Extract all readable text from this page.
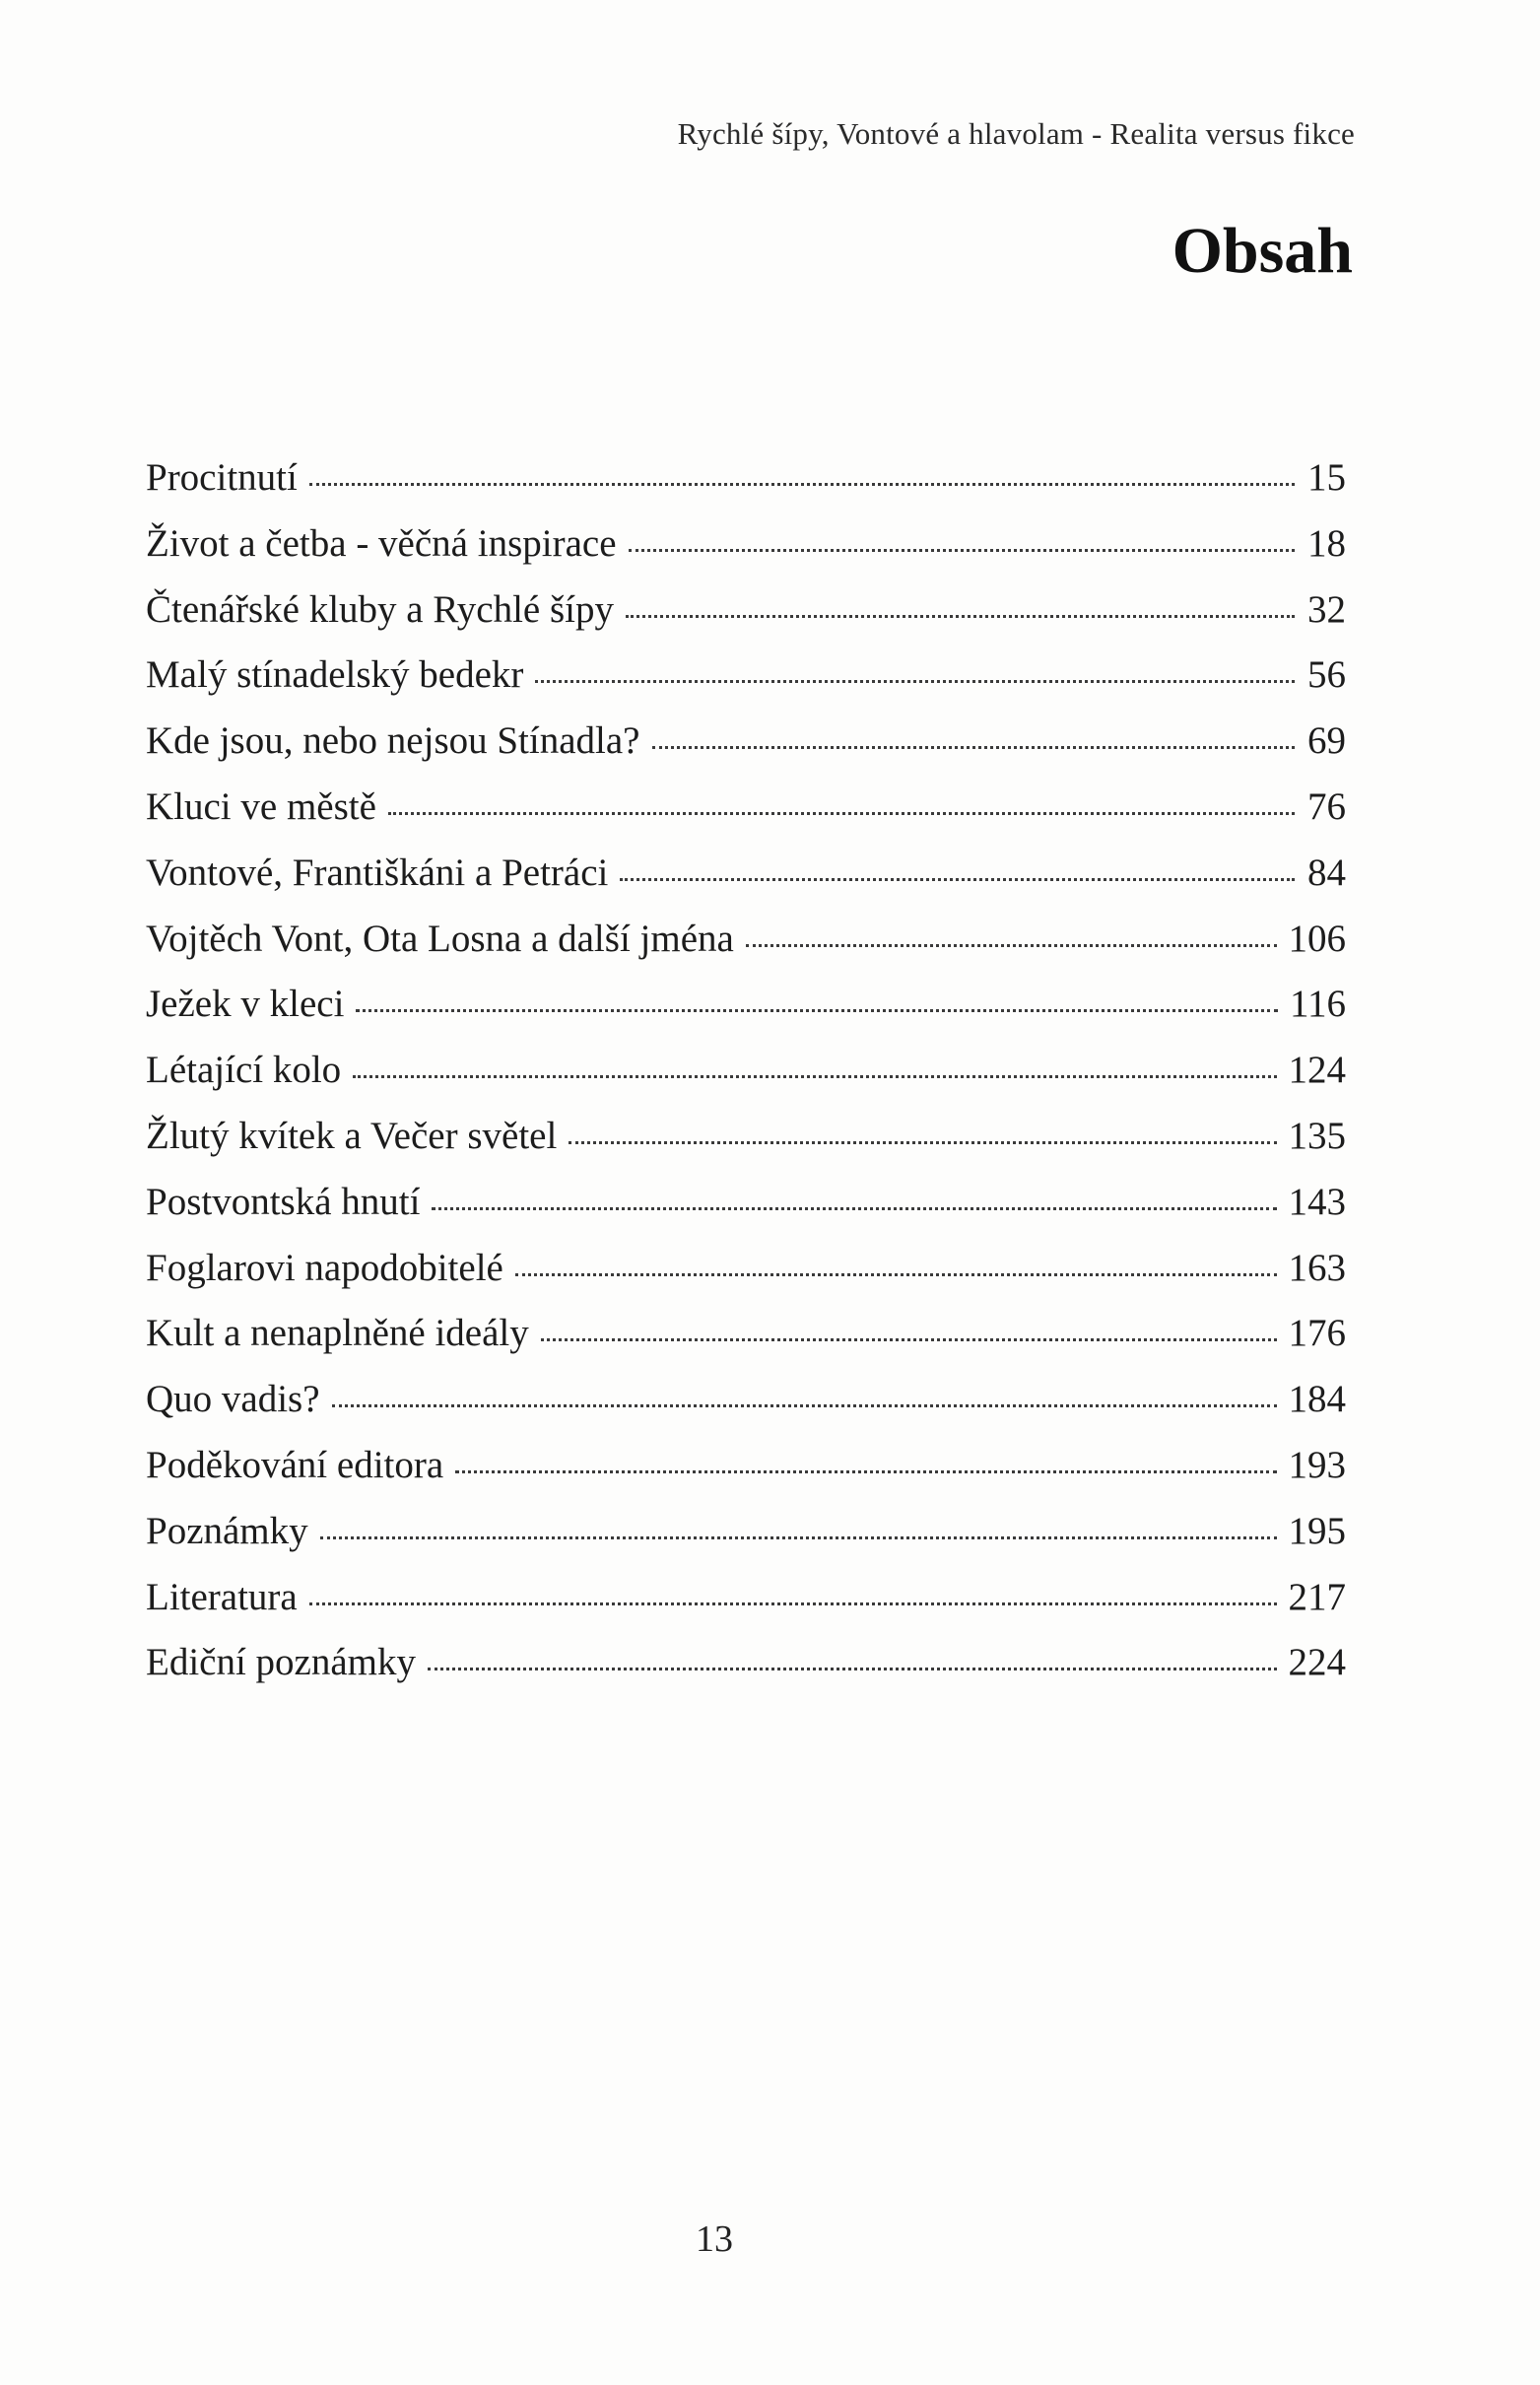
Rychlé šípy, Vontové a hlavolam - Realita versus fikce
Obsah
Procitnutí	15
Život a četba - věčná inspirace	18
Čtenářské kluby a Rychlé šípy	32
Malý stínadelský bedekr	56
Kde jsou, nebo nejsou Stínadla?	69
Kluci ve městě	76
Vontové, Františkáni a Petráci	84
Vojtěch Vont, Ota Losna a další jména	106
Ježek v kleci	116
Létající kolo	124
Žlutý kvítek a Večer světel	135
Postvontská hnutí	143
Foglarovi napodobitelé	163
Kult a nenaplněné ideály	176
Quo vadis?	184
Poděkování editora	193
Poznámky	195
Literatura	217
Ediční poznámky	224
13
